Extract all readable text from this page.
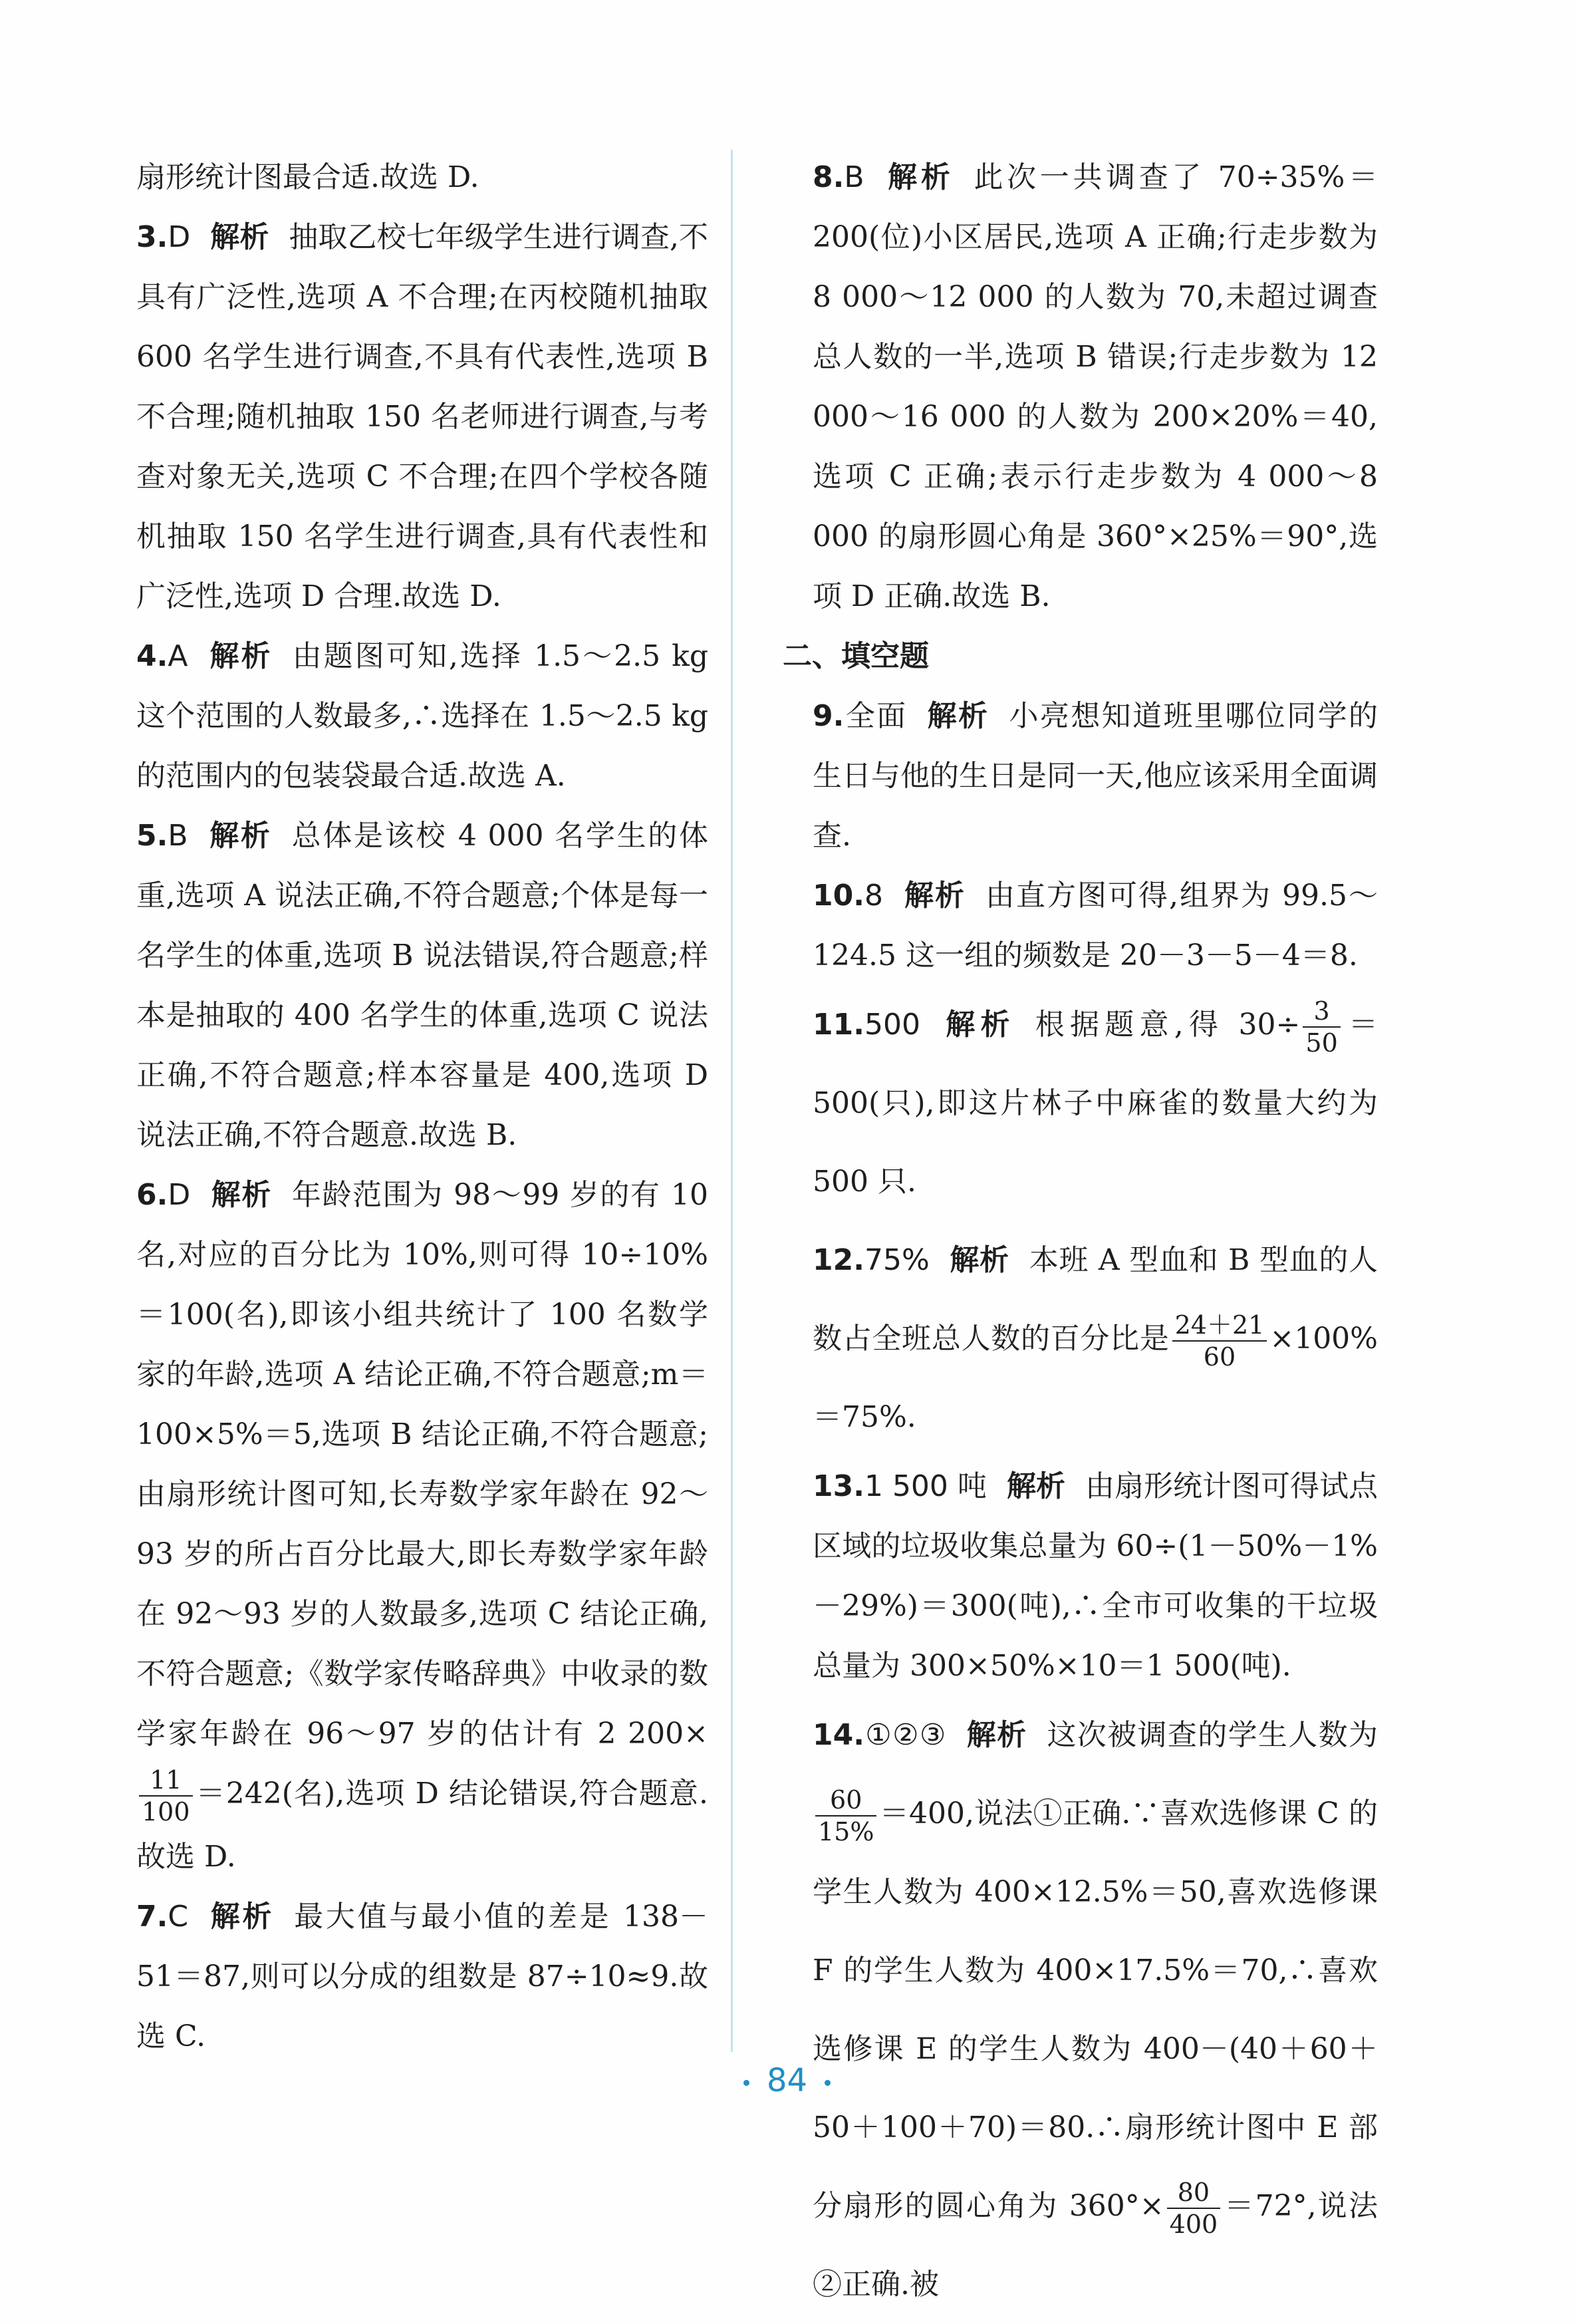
扇形统计图最合适.故选 D.
3.D 解析 抽取乙校七年级学生进行调查,不具有广泛性,选项 A 不合理;在丙校随机抽取 600 名学生进行调查,不具有代表性,选项 B 不合理;随机抽取 150 名老师进行调查,与考查对象无关,选项 C 不合理;在四个学校各随机抽取 150 名学生进行调查,具有代表性和广泛性,选项 D 合理.故选 D.
4.A 解析 由题图可知,选择 1.5～2.5 kg 这个范围的人数最多,∴选择在 1.5～2.5 kg 的范围内的包装袋最合适.故选 A.
5.B 解析 总体是该校 4 000 名学生的体重,选项 A 说法正确,不符合题意;个体是每一名学生的体重,选项 B 说法错误,符合题意;样本是抽取的 400 名学生的体重,选项 C 说法正确,不符合题意;样本容量是 400,选项 D 说法正确,不符合题意.故选 B.
6.D 解析 年龄范围为 98～99 岁的有 10 名,对应的百分比为 10%,则可得 10÷10%＝100(名),即该小组共统计了 100 名数学家的年龄,选项 A 结论正确,不符合题意;m＝100×5%＝5,选项 B 结论正确,不符合题意;由扇形统计图可知,长寿数学家年龄在 92～93 岁的所占百分比最大,即长寿数学家年龄在 92～93 岁的人数最多,选项 C 结论正确,不符合题意;《数学家传略辞典》中收录的数学家年龄在 96～97 岁的估计有 2 200×
$\frac{11}{100} =242$(名),选项 D 结论错误,符合题意.故选 D.
7.C 解析 最大值与最小值的差是 138－51＝87,则可以分成的组数是 87÷10≈9.故选 C.
8.B 解析 此次一共调查了 70÷35%＝200(位)小区居民,选项 A 正确;行走步数为 8 000～12 000 的人数为 70,未超过调查总人数的一半,选项 B 错误;行走步数为 12 000～16 000 的人数为 200×20%＝40,选项 C 正确;表示行走步数为 4 000～8 000 的扇形圆心角是 360°×25%＝90°,选项 D 正确.故选 B.
二、填空题
9.全面 解析 小亮想知道班里哪位同学的生日与他的生日是同一天,他应该采用全面调查.
10.8 解析 由直方图可得,组界为 99.5～124.5 这一组的频数是 20－3－5－4＝8.
11.500 解析 根据题意,得 $30\div \frac{3}{50} =500$(只),即这片林子中麻雀的数量大约为 500 只.
12.75% 解析 本班 A 型血和 B 型血的人数占全班总人数的百分比是 $\frac{24+21}{60} \times 100\%=75\%$.
13.1 500 吨 解析 由扇形统计图可得试点区域的垃圾收集总量为 60÷(1－50%－1%－29%)＝300(吨),∴全市可收集的干垃圾总量为 300×50%×10＝1 500(吨).
14.①②③ 解析 这次被调查的学生人数为
$\frac{60}{15\%} =400$,说法①正确.∵喜欢选修课 C 的学生人数为 400×12.5%＝50,喜欢选修课 F 的学生人数为 400×17.5%＝70,∴喜欢选修课 E 的学生人数为 400－(40＋60＋50＋100＋70)＝80.∴扇形统计图中 E 部分扇形的圆心角为 $360^\circ\times \frac{80}{400} =72^\circ$,说法②正确.被
84
